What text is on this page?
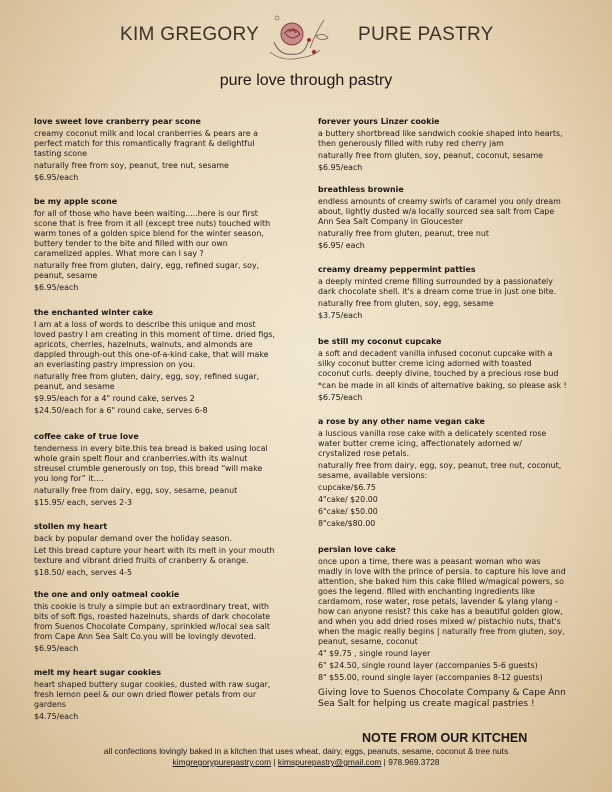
KIM GREGORY	PURE PASTRY
pure love through pastry
love sweet love cranberry pear scone
creamy coconut milk and local cranberries & pears are a
perfect match for this romantically fragrant & delightful
tasting scone
naturally free from soy, peanut, tree nut, sesame
$6.95/each
be my apple scone
for all of those who have been waiting.....here is our first
scone that is free from it all (except tree nuts) touched with
warm tones of a golden spice blend for the winter season,
buttery tender to the bite and filled with our own
caramelized apples. What more can I say ?
naturally free from gluten, dairy, egg, refined sugar, soy,
peanut, sesame
$6.95/each
the enchanted winter cake
I am at a loss of words to describe this unique and most
loved pastry I am creating in this moment of time. dried figs,
apricots, cherries, hazelnuts, walnuts, and almonds are
dappled through-out this one-of-a-kind cake, that will make
an everlasting pastry impression on you.
naturally free from gluten, dairy, egg, soy, refined sugar,
peanut, and sesame
$9.95/each for a 4" round cake, serves 2
$24.50/each for a 6" round cake, serves 6-8
coffee cake of true love
tenderness in every bite.this tea bread is baked using local
whole grain spelt flour and cranberries.with its walnut
streusel crumble generously on top, this bread “will make
you long for” it....
naturally free from dairy, egg, soy, sesame, peanut
$15.95/ each, serves 2-3
stollen my heart
back by popular demand over the holiday season.
Let this bread capture your heart with its melt in your mouth
texture and vibrant dried fruits of cranberry & orange.
$18.50/ each, serves 4-5
the one and only oatmeal cookie
this cookie is truly a simple but an extraordinary treat, with
bits of soft figs, roasted hazelnuts, shards of dark chocolate
from Suenos Chocolate Company, sprinkled w/local sea salt
from Cape Ann Sea Salt Co.you will be lovingly devoted.
$6.95/each
melt my heart sugar cookies
heart shaped buttery sugar cookies, dusted with raw sugar,
fresh lemon peel & our own dried flower petals from our
gardens
$4.75/each
forever yours Linzer cookie
a buttery shortbread like sandwich cookie shaped into hearts,
then generously filled with ruby red cherry jam
naturally free from gluten, soy, peanut, coconut, sesame
$6.95/each
breathless brownie
endless amounts of creamy swirls of caramel you only dream
about, lightly dusted w/a locally sourced sea salt from Cape
Ann Sea Salt Company in Gloucester
naturally free from gluten, peanut, tree nut
$6.95/ each
creamy dreamy peppermint patties
a deeply minted creme filling surrounded by a passionately
dark chocolate shell. it's a dream come true in just one bite.
naturally free from gluten, soy, egg, sesame
$3.75/each
be still my coconut cupcake
a soft and decadent vanilla infused coconut cupcake with a
silky coconut butter creme icing adorned with toasted
coconut curls. deeply divine, touched by a precious rose bud
*can be made in all kinds of alternative baking, so please ask !
$6.75/each
a rose by any other name vegan cake
a luscious vanilla rose cake with a delicately scented rose
water butter creme icing, affectionately adorned w/
crystalized rose petals.
naturally free from dairy, egg, soy, peanut, tree nut, coconut,
sesame, available versions:
cupcake/$6.75
4"cake/ $20.00
6"cake/ $50.00
8"cake/$80.00
persian love cake
once upon a time, there was a peasant woman who was
madly in love with the prince of persia. to capture his love and
attention, she baked him this cake filled w/magical powers, so
goes the legend. filled with enchanting ingredients like
cardamom, rose water, rose petals, lavender & ylang ylang -
how can anyone resist? this cake has a beautiful golden glow,
and when you add dried roses mixed w/ pistachio nuts, that's
when the magic really begins | naturally free from gluten, soy,
peanut, sesame, coconut
4" $9.75 , single round layer
6" $24.50, single round layer (accompanies 5-6 guests)
8" $55.00, round single layer (accompanies 8-12 guests)
Giving love to Suenos Chocolate Company & Cape Ann
Sea Salt for helping us create magical pastries !
NOTE FROM OUR KITCHEN
all confections lovingly baked in a kitchen that uses wheat, dairy, eggs, peanuts, sesame, coconut & tree nuts
kimgregorypurepastry.com | kimspurepastry@gmail.com | 978.969.3728
